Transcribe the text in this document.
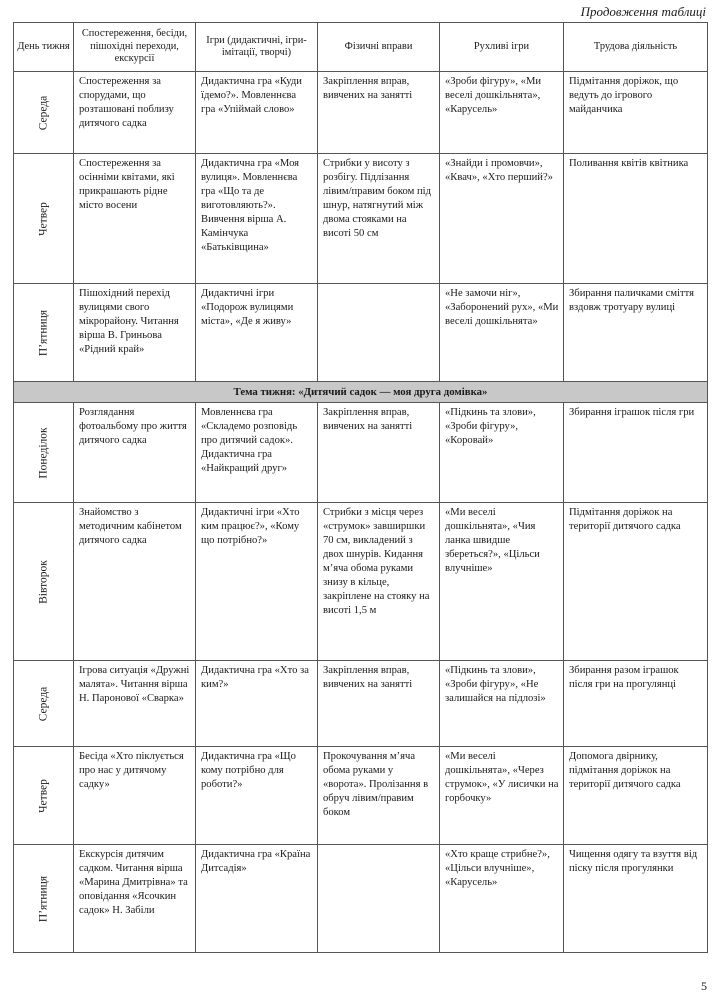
Продовження таблиці
День тижня	Спостереження, бесіди, пішохідні переходи, екскурсії	Ігри (дидактичні, ігри-імітації, творчі)	Фізичні вправи	Рухливі ігри	Трудова діяльність

Середа	Спостереження за спорудами, що розташовані поблизу дитячого садка	Дидактична гра «Куди їдемо?». Мовленнєва гра «Упіймай слово»	Закріплення вправ, вивчених на занятті	«Зроби фігуру», «Ми веселі дошкільнята», «Карусель»	Підмітання доріжок, що ведуть до ігрового майданчика

Четвер	Спостереження за осінніми квітами, які прикрашають рідне місто восени	Дидактична гра «Моя вулиця». Мовленнєва гра «Що та де виготовляють?». Вивчення вірша А. Камінчука «Батьківщина»	Стрибки у висоту з розбігу. Підлізання лівим/правим боком під шнур, натягнутий між двома стояками на висоті 50 см	«Знайди і промовчи», «Квач», «Хто перший?»	Поливання квітів квітника

П’ятниця	Пішохідний перехід вулицями свого мікрорайону. Читання вірша В. Гриньова «Рідний край»	Дидактичні ігри «Подорож вулицями міста», «Де я живу»		«Не замочи ніг», «Заборонений рух», «Ми веселі дошкільнята»	Збирання паличками сміття вздовж тротуару вулиці
Тема тижня: «Дитячий садок — моя друга домівка»					

Понеділок	Розглядання фотоальбому про життя дитячого садка	Мовленнєва гра «Складемо розповідь про дитячий садок». Дидактична гра «Найкращий друг»	Закріплення вправ, вивчених на занятті	«Підкинь та злови», «Зроби фігуру», «Коровай»	Збирання іграшок після гри

Вівторок	Знайомство з методичним кабінетом дитячого садка	Дидактичні ігри «Хто ким працює?», «Кому що потрібно?»	Стрибки з місця через «струмок» завширшки 70 см, викладений з двох шнурів. Кидання м’яча обома руками знизу в кільце, закріплене на стояку на висоті 1,5 м	«Ми веселі дошкільнята», «Чия ланка швидше збереться?», «Цільси влучніше»	Підмітання доріжок на території дитячого садка

Середа	Ігрова ситуація «Дружні малята». Читання вірша Н. Паронової «Сварка»	Дидактична гра «Хто за ким?»	Закріплення вправ, вивчених на занятті	«Підкинь та злови», «Зроби фігуру», «Не залишайся на підлозі»	Збирання разом іграшок після гри на прогулянці

Четвер	Бесіда «Хто піклується про нас у дитячому садку»	Дидактична гра «Що кому потрібно для роботи?»	Прокочування м’яча обома руками у «ворота». Пролізання в обруч лівим/правим боком	«Ми веселі дошкільнята», «Через струмок», «У лисички на горбочку»	Допомога двірнику, підмітання доріжок на території дитячого садка

П’ятниця	Екскурсія дитячим садком. Читання вірша «Марина Дмитрівна» та оповідання «Ясочкин садок» Н. Забіли	Дидактична гра «Країна Дитсадія»		«Хто краще стрибне?», «Цільси влучніше», «Карусель»	Чищення одягу та взуття від піску після прогулянки
5
